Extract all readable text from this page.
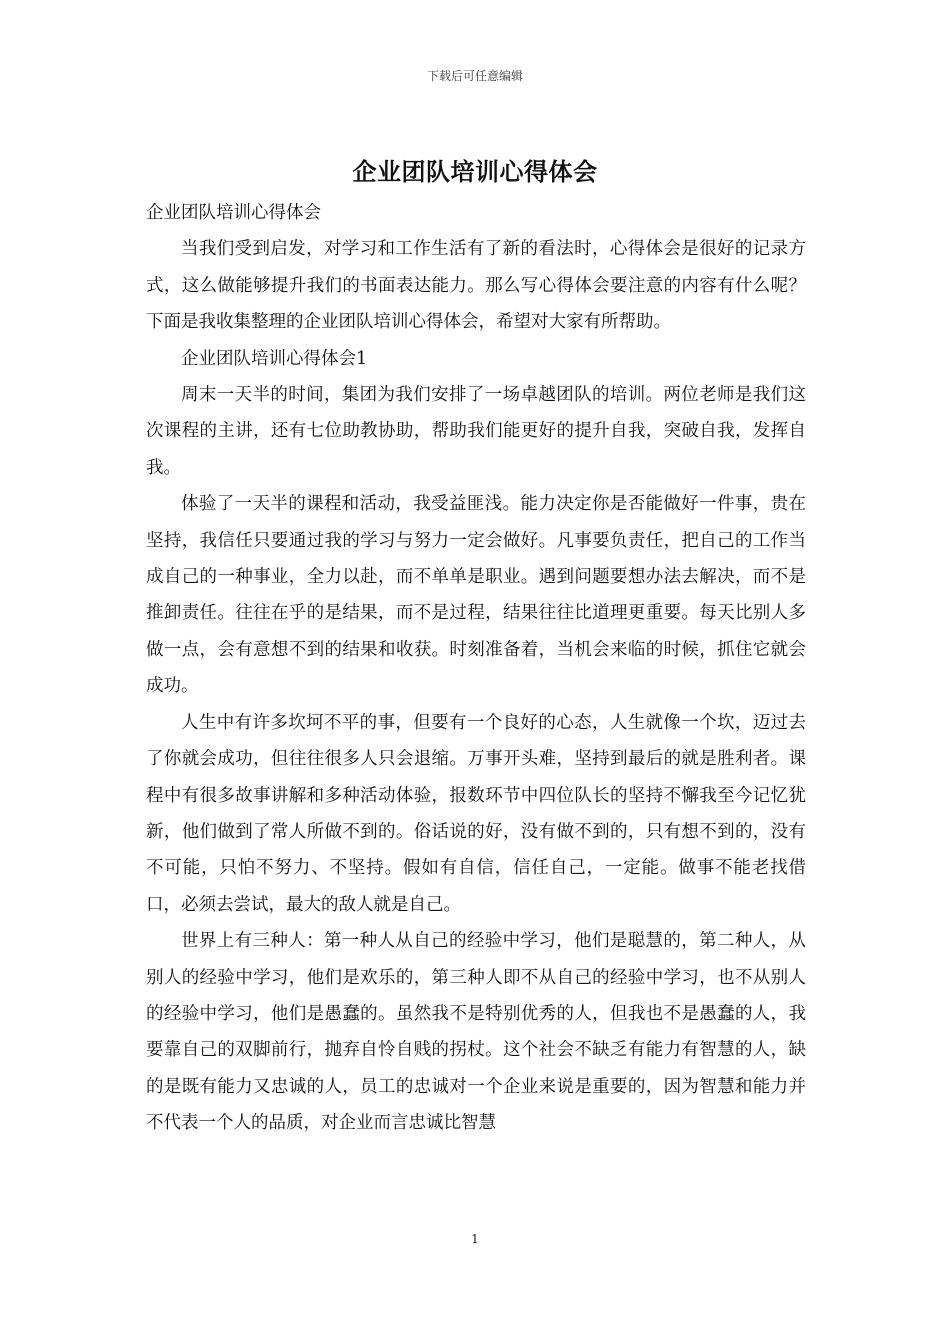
下载后可任意编辑
企业团队培训心得体会

企业团队培训心得体会

当我们受到启发，对学习和工作生活有了新的看法时，心得体会是很好的记录方式，这么做能够提升我们的书面表达能力。那么写心得体会要注意的内容有什么呢？下面是我收集整理的企业团队培训心得体会，希望对大家有所帮助。

企业团队培训心得体会1

周末一天半的时间，集团为我们安排了一场卓越团队的培训。两位老师是我们这次课程的主讲，还有七位助教协助，帮助我们能更好的提升自我，突破自我，发挥自我。

体验了一天半的课程和活动，我受益匪浅。能力决定你是否能做好一件事，贵在坚持，我信任只要通过我的学习与努力一定会做好。凡事要负责任，把自己的工作当成自己的一种事业，全力以赴，而不单单是职业。遇到问题要想办法去解决，而不是推卸责任。往往在乎的是结果，而不是过程，结果往往比道理更重要。每天比别人多做一点，会有意想不到的结果和收获。时刻准备着，当机会来临的时候，抓住它就会成功。

人生中有许多坎坷不平的事，但要有一个良好的心态，人生就像一个坎，迈过去了你就会成功，但往往很多人只会退缩。万事开头难，坚持到最后的就是胜利者。课程中有很多故事讲解和多种活动体验，报数环节中四位队长的坚持不懈我至今记忆犹新，他们做到了常人所做不到的。俗话说的好，没有做不到的，只有想不到的，没有不可能，只怕不努力、不坚持。假如有自信，信任自己，一定能。做事不能老找借口，必须去尝试，最大的敌人就是自己。

世界上有三种人：第一种人从自己的经验中学习，他们是聪慧的，第二种人，从别人的经验中学习，他们是欢乐的，第三种人即不从自己的经验中学习，也不从别人的经验中学习，他们是愚蠢的。虽然我不是特别优秀的人，但我也不是愚蠢的人，我要靠自己的双脚前行，抛弃自怜自贱的拐杖。这个社会不缺乏有能力有智慧的人，缺的是既有能力又忠诚的人，员工的忠诚对一个企业来说是重要的，因为智慧和能力并不代表一个人的品质，对企业而言忠诚比智慧

1
